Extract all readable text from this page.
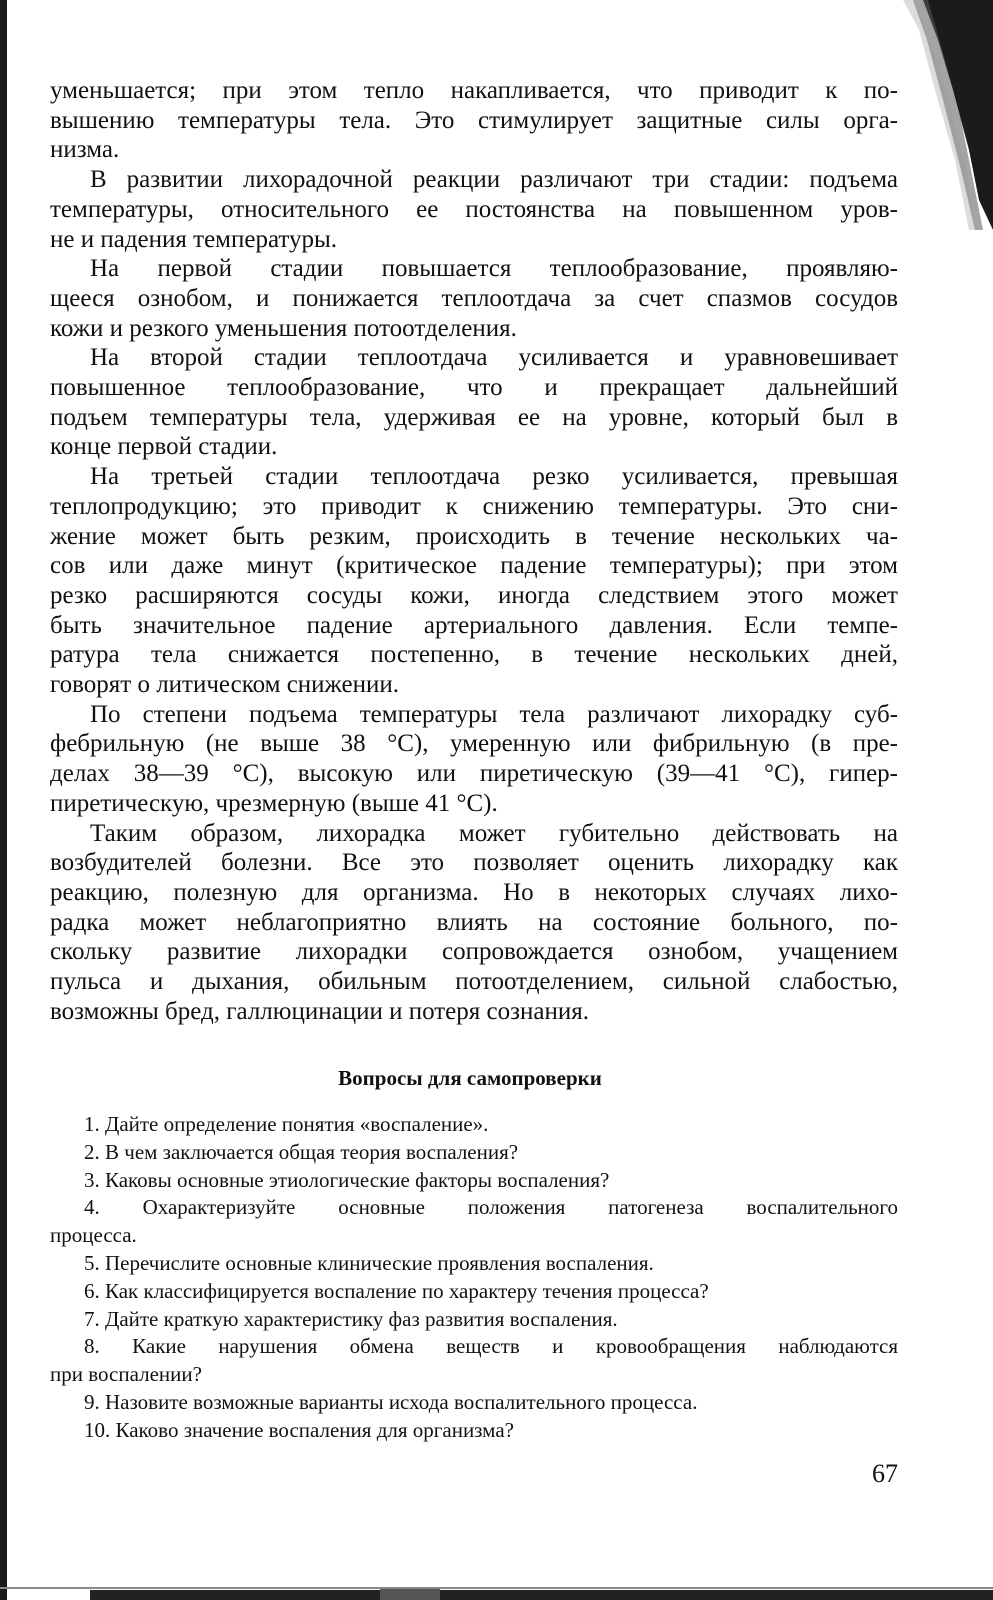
уменьшается; при этом тепло накапливается, что приводит к по-
вышению температуры тела. Это стимулирует защитные силы орга-
низма.

В развитии лихорадочной реакции различают три стадии: подъема
температуры, относительного ее постоянства на повышенном уров-
не и падения температуры.

На первой стадии повышается теплообразование, проявляю-
щееся ознобом, и понижается теплоотдача за счет спазмов сосудов
кожи и резкого уменьшения потоотделения.

На второй стадии теплоотдача усиливается и уравновешивает
повышенное теплообразование, что и прекращает дальнейший
подъем температуры тела, удерживая ее на уровне, который был в
конце первой стадии.

На третьей стадии теплоотдача резко усиливается, превышая
теплопродукцию; это приводит к снижению температуры. Это сни-
жение может быть резким, происходить в течение нескольких ча-
сов или даже минут (критическое падение температуры); при этом
резко расширяются сосуды кожи, иногда следствием этого может
быть значительное падение артериального давления. Если темпе-
ратура тела снижается постепенно, в течение нескольких дней,
говорят о литическом снижении.

По степени подъема температуры тела различают лихорадку суб-
фебрильную (не выше 38 °С), умеренную или фибрильную (в пре-
делах 38—39 °С), высокую или пиретическую (39—41 °С), гипер-
пиретическую, чрезмерную (выше 41 °С).

Таким образом, лихорадка может губительно действовать на
возбудителей болезни. Все это позволяет оценить лихорадку как
реакцию, полезную для организма. Но в некоторых случаях лихо-
радка может неблагоприятно влиять на состояние больного, по-
скольку развитие лихорадки сопровождается ознобом, учащением
пульса и дыхания, обильным потоотделением, сильной слабостью,
возможны бред, галлюцинации и потеря сознания.

Вопросы для самопроверки

1. Дайте определение понятия «воспаление».

2. В чем заключается общая теория воспаления?

3. Каковы основные этиологические факторы воспаления?

4. Охарактеризуйте основные положения патогенеза воспалительного
процесса.

5. Перечислите основные клинические проявления воспаления.

6. Как классифицируется воспаление по характеру течения процесса?

7. Дайте краткую характеристику фаз развития воспаления.

8. Какие нарушения обмена веществ и кровообращения наблюдаются
при воспалении?

9. Назовите возможные варианты исхода воспалительного процесса.

10. Каково значение воспаления для организма?

67
